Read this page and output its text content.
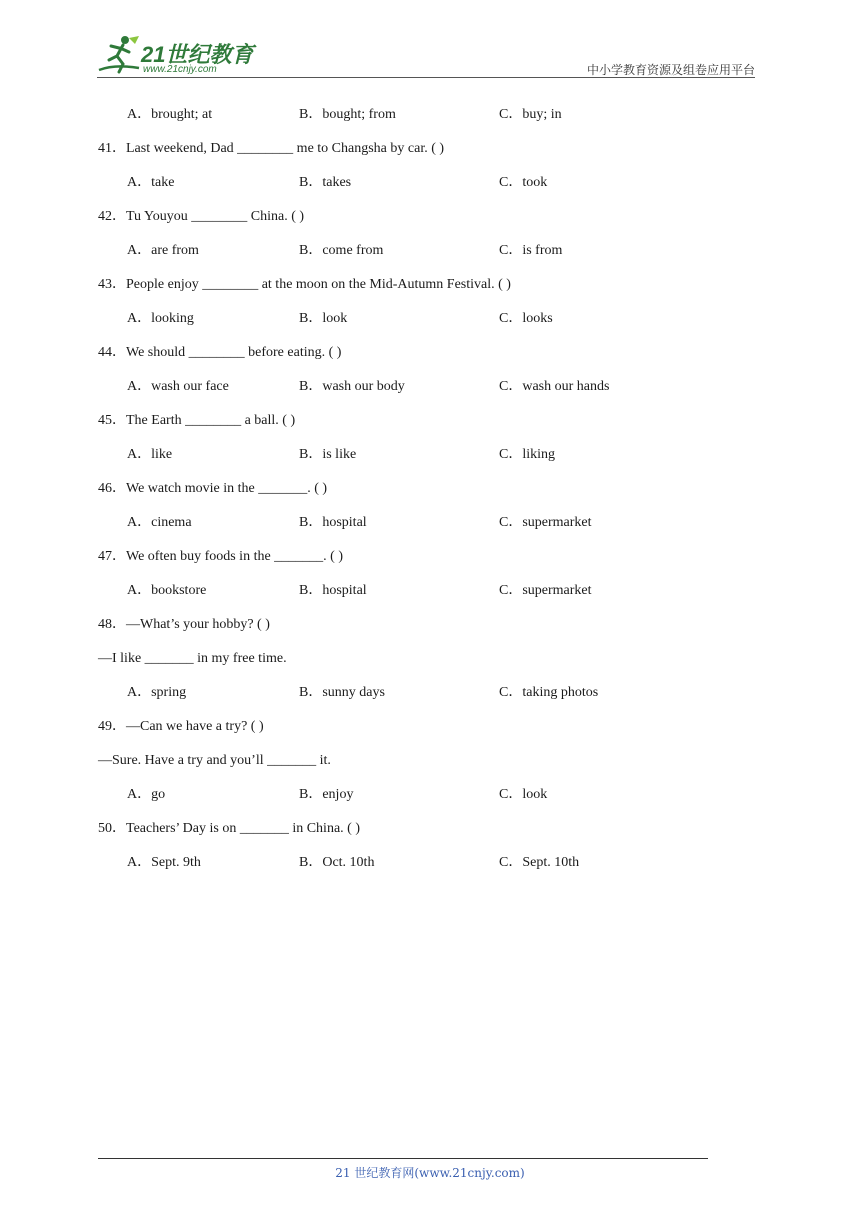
21世纪教育
www.21cnjy.com	中小学教育资源及组卷应用平台
A．brought; at	B．bought; from	C．buy; in
41．Last weekend, Dad ________ me to Changsha by car. ( )
A．take	B．takes	C．took
42．Tu Youyou ________ China. ( )
A．are from	B．come from	C．is from
43．People enjoy ________ at the moon on the Mid-Autumn Festival. ( )
A．looking	B．look	C．looks
44．We should ________ before eating. ( )
A．wash our face	B．wash our body	C．wash our hands
45．The Earth ________ a ball. ( )
A．like	B．is like	C．liking
46．We watch movie in the _______. ( )
A．cinema	B．hospital	C．supermarket
47．We often buy foods in the _______. ( )
A．bookstore	B．hospital	C．supermarket
48．—What’s your hobby? ( )
—I like _______ in my free time.
A．spring	B．sunny days	C．taking photos
49．—Can we have a try? ( )
—Sure. Have a try and you’ll _______ it.
A．go	B．enjoy	C．look
50．Teachers’ Day is on _______ in China. ( )
A．Sept. 9th	B．Oct. 10th	C．Sept. 10th
21 世纪教育网(www.21cnjy.com)
